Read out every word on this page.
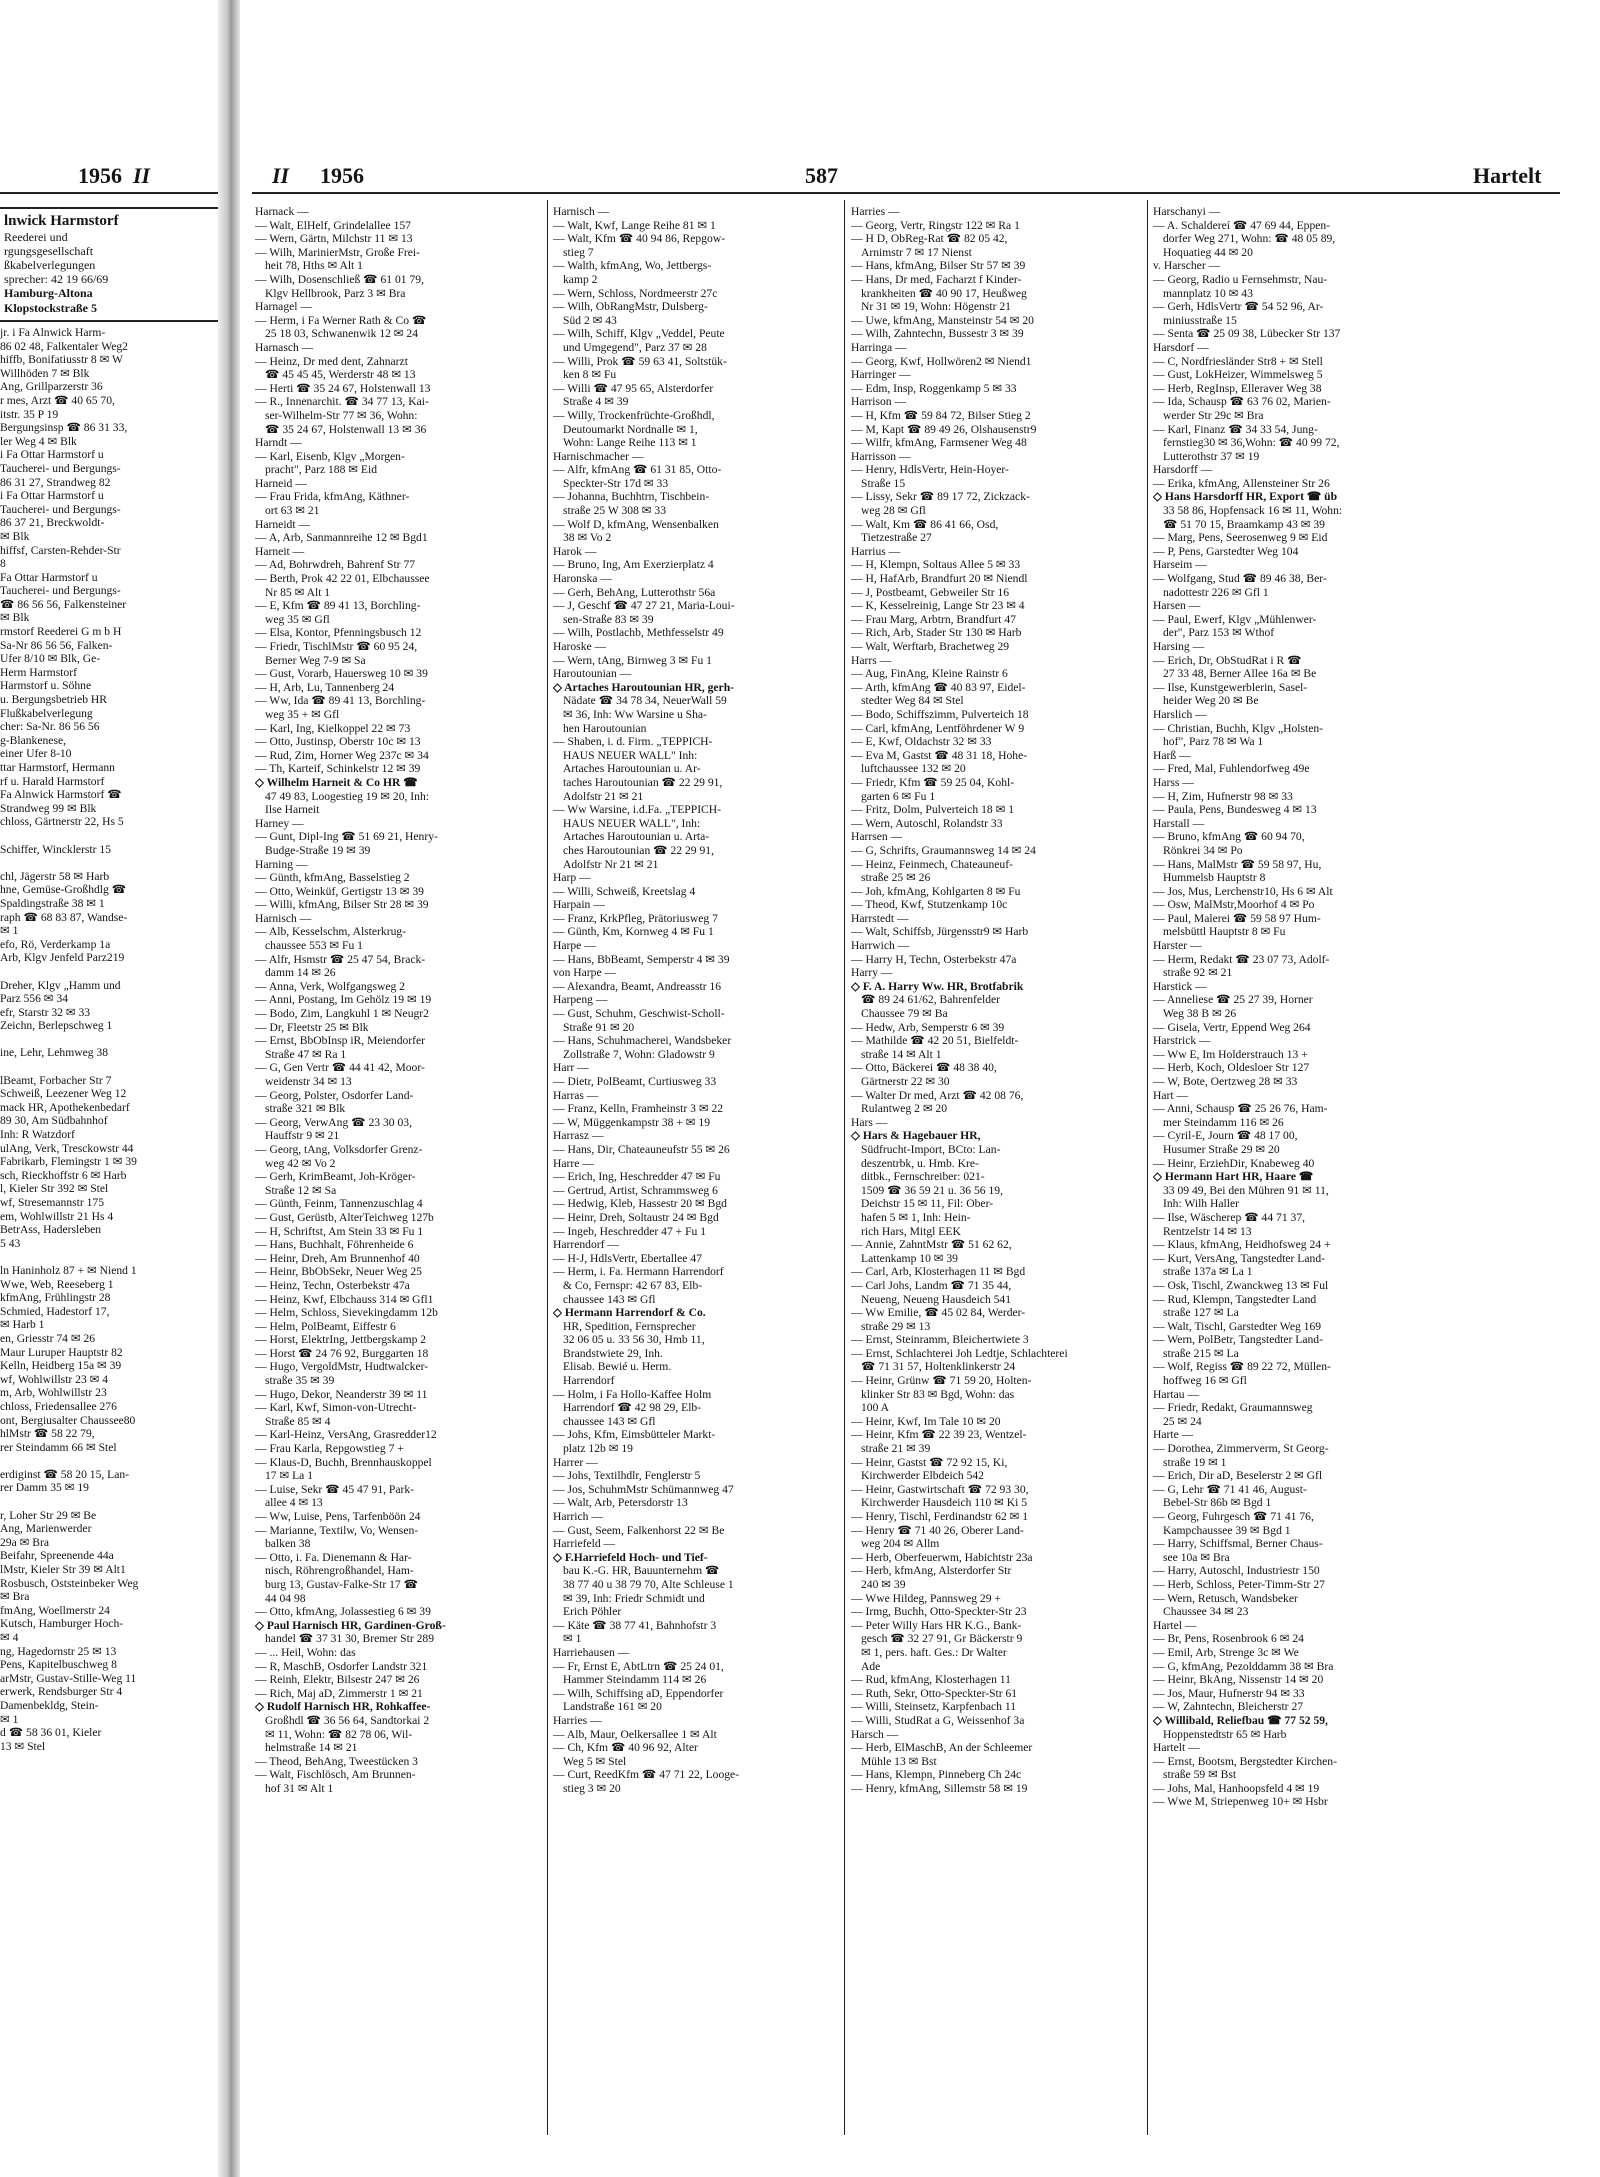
1956 II
lnwick Harmstorf
Reederei und
rgungsgesellschaft
ßkabelverlegungen
sprecher: 42 19 66/69
Hamburg-Altona
Klopstockstraße 5
jr. i Fa Alnwick Harm-
86 02 48, Falkentaler Weg2
hiffb, Bonifatiusstr 8 ✉ W
Willhöden 7 ✉ Blk
Ang, Grillparzerstr 36
r mes, Arzt ☎ 40 65 70,
itstr. 35 P 19
Bergungsinsp ☎ 86 31 33,
ler Weg 4 ✉ Blk
i Fa Ottar Harmstorf u
Taucherei- und Bergungs-
86 31 27, Strandweg 82
i Fa Ottar Harmstorf u
Taucherei- und Bergungs-
86 37 21, Breckwoldt-
✉ Blk
hiffsf, Carsten-Rehder-Str
8
Fa Ottar Harmstorf u
Taucherei- und Bergungs-
☎ 86 56 56, Falkensteiner
✉ Blk
rmstorf Reederei G m b H
Sa-Nr 86 56 56, Falken-
Ufer 8/10 ✉ Blk, Ge-
Herm Harmstorf
Harmstorf u. Söhne
u. Bergungsbetrieb HR
Flußkabelverlegung
cher: Sa-Nr. 86 56 56
g-Blankenese,
einer Ufer 8-10
ttar Harmstorf, Hermann
rf u. Harald Harmstorf
Fa Alnwick Harmstorf ☎
Strandweg 99 ✉ Blk
chloss, Gärtnerstr 22, Hs 5

Schiffer, Wincklerstr 15

chl, Jägerstr 58 ✉ Harb
hne, Gemüse-Großhdlg ☎
Spaldingstraße 38 ✉ 1
raph ☎ 68 83 87, Wandse-
✉ 1
efo, Rö, Verderkamp 1a
Arb, Klgv Jenfeld Parz219

Dreher, Klgv „Hamm und
Parz 556 ✉ 34
efr, Starstr 32 ✉ 33
Zeichn, Berlepschweg 1

ine, Lehr, Lehmweg 38

lBeamt, Forbacher Str 7
Schweiß, Leezener Weg 12
mack HR, Apothekenbedarf
89 30, Am Südbahnhof
Inh: R Watzdorf
ulAng, Verk, Tresckowstr 44
Fabrikarb, Flemingstr 1 ✉ 39
sch, Rieckhoffstr 6 ✉ Harb
l, Kieler Str 392 ✉ Stel
wf, Stresemannstr 175
em, Wohlwillstr 21 Hs 4
BetrAss, Hadersleben
5 43

ln Haninholz 87 + ✉ Niend 1
Wwe, Web, Reeseberg 1
kfmAng, Frühlingstr 28
Schmied, Hadestorf 17,
✉ Harb 1
en, Griesstr 74 ✉ 26
Maur Luruper Hauptstr 82
Kelln, Heidberg 15a ✉ 39
wf, Wohlwillstr 23 ✉ 4
m, Arb, Wohlwillstr 23
chloss, Friedensallee 276
ont, Bergiusalter Chaussee80
hlMstr ☎ 58 22 79,
rer Steindamm 66 ✉ Stel

erdiginst ☎ 58 20 15, Lan-
rer Damm 35 ✉ 19

r, Loher Str 29 ✉ Be
Ang, Marienwerder
29a ✉ Bra
Beifahr, Spreenende 44a
lMstr, Kieler Str 39 ✉ Alt1
Rosbusch, Oststeinbeker Weg
✉ Bra
fmAng, Woellmerstr 24
Kutsch, Hamburger Hoch-
✉ 4
ng, Hagedornstr 25 ✉ 13
Pens, Kapitelbuschweg 8
arMstr, Gustav-Stille-Weg 11
erwerk, Rendsburger Str 4
Damenbekldg, Stein-
✉ 1
d ☎ 58 36 01, Kieler
13 ✉ Stel
II 1956	587	Hartelt
Harnack —
— Walt, ElHelf, Grindelallee 157
— Wern, Gärtn, Milchstr 11 ✉ 13
— Wilh, MarinierMstr, Große Frei-
heit 78, Hths ✉ Alt 1
— Wilh, Dosenschließ ☎ 61 01 79,
Klgv Hellbrook, Parz 3 ✉ Bra
Harnagel —
— Herm, i Fa Werner Rath & Co ☎
25 18 03, Schwanenwik 12 ✉ 24
Harnasch —
— Heinz, Dr med dent, Zahnarzt
☎ 45 45 45, Werderstr 48 ✉ 13
— Herti ☎ 35 24 67, Holstenwall 13
— R., Innenarchit. ☎ 34 77 13, Kai-
ser-Wilhelm-Str 77 ✉ 36, Wohn:
☎ 35 24 67, Holstenwall 13 ✉ 36
Harndt —
— Karl, Eisenb, Klgv „Morgen-
pracht", Parz 188 ✉ Eid
Harneid —
— Frau Frida, kfmAng, Käthner-
ort 63 ✉ 21
Harneidt —
— A, Arb, Sanmannreihe 12 ✉ Bgd1
Harneit —
— Ad, Bohrwdreh, Bahrenf Str 77
— Berth, Prok 42 22 01, Elbchaussee
Nr 85 ✉ Alt 1
— E, Kfm ☎ 89 41 13, Borchling-
weg 35 ✉ Gfl
— Elsa, Kontor, Pfenningsbusch 12
— Friedr, TischlMstr ☎ 60 95 24,
Berner Weg 7-9 ✉ Sa
— Gust, Vorarb, Hauersweg 10 ✉ 39
— H, Arb, Lu, Tannenberg 24
— Ww, Ida ☎ 89 41 13, Borchling-
weg 35 + ✉ Gfl
— Karl, Ing, Kielkoppel 22 ✉ 73
— Otto, Justinsp, Oberstr 10c ✉ 13
— Rud, Zim, Horner Weg 237c ✉ 34
— Th, Karteif, Schinkelstr 12 ✉ 39
◇ Wilhelm Harneit & Co HR ☎
47 49 83, Loogestieg 19 ✉ 20, Inh:
Ilse Harneit
Harney —
— Gunt, Dipl-Ing ☎ 51 69 21, Henry-
Budge-Straße 19 ✉ 39
Harning —
— Günth, kfmAng, Basselstieg 2
— Otto, Weinküf, Gertigstr 13 ✉ 39
— Willi, kfmAng, Bilser Str 28 ✉ 39
Harnisch —
— Alb, Kesselschm, Alsterkrug-
chaussee 553 ✉ Fu 1
— Alfr, Hsmstr ☎ 25 47 54, Brack-
damm 14 ✉ 26
— Anna, Verk, Wolfgangsweg 2
— Anni, Postang, Im Gehölz 19 ✉ 19
— Bodo, Zim, Langkuhl 1 ✉ Neugr2
— Dr, Fleetstr 25 ✉ Blk
— Ernst, BbObInsp iR, Meiendorfer
Straße 47 ✉ Ra 1
— G, Gen Vertr ☎ 44 41 42, Moor-
weidenstr 34 ✉ 13
— Georg, Polster, Osdorfer Land-
straße 321 ✉ Blk
— Georg, VerwAng ☎ 23 30 03,
Hauffstr 9 ✉ 21
— Georg, tAng, Volksdorfer Grenz-
weg 42 ✉ Vo 2
— Gerh, KrimBeamt, Joh-Kröger-
Straße 12 ✉ Sa
— Günth, Feinm, Tannenzuschlag 4
— Gust, Gerüstb, AlterTeichweg 127b
— H, Schriftst, Am Stein 33 ✉ Fu 1
— Hans, Buchhalt, Föhrenheide 6
— Heinr, Dreh, Am Brunnenhof 40
— Heinr, BbObSekr, Neuer Weg 25
— Heinz, Techn, Osterbekstr 47a
— Heinz, Kwf, Elbchauss 314 ✉ Gfl1
— Helm, Schloss, Sievekingdamm 12b
— Helm, PolBeamt, Eiffestr 6
— Horst, ElektrIng, Jettbergskamp 2
— Horst ☎ 24 76 92, Burggarten 18
— Hugo, VergoldMstr, Hudtwalcker-
straße 35 ✉ 39
— Hugo, Dekor, Neanderstr 39 ✉ 11
— Karl, Kwf, Simon-von-Utrecht-
Straße 85 ✉ 4
— Karl-Heinz, VersAng, Grasredder12
— Frau Karla, Repgowstieg 7 +
— Klaus-D, Buchh, Brennhauskoppel
17 ✉ La 1
— Luise, Sekr ☎ 45 47 91, Park-
allee 4 ✉ 13
— Ww, Luise, Pens, Tarfenböön 24
— Marianne, Textilw, Vo, Wensen-
balken 38
— Otto, i. Fa. Dienemann & Har-
nisch, Röhrengroßhandel, Ham-
burg 13, Gustav-Falke-Str 17 ☎
44 04 98
— Otto, kfmAng, Jolassestieg 6 ✉ 39
◇ Paul Harnisch HR, Gardinen-Groß-
handel ☎ 37 31 30, Bremer Str 289
— ... Heil, Wohn: das
— R, MaschB, Osdorfer Landstr 321
— Reinh, Elektr, Bilsestr 247 ✉ 26
— Rich, Maj aD, Zimmerstr 1 ✉ 21
◇ Rudolf Harnisch HR, Rohkaffee-
Großhdl ☎ 36 56 64, Sandtorkai 2
✉ 11, Wohn: ☎ 82 78 06, Wil-
helmstraße 14 ✉ 21
— Theod, BehAng, Tweestücken 3
— Walt, Fischlösch, Am Brunnen-
hof 31 ✉ Alt 1
Harnisch —
— Walt, Kwf, Lange Reihe 81 ✉ 1
— Walt, Kfm ☎ 40 94 86, Repgow-
stieg 7
— Walth, kfmAng, Wo, Jettbergs-
kamp 2
— Wern, Schloss, Nordmeerstr 27c
— Wilh, ObRangMstr, Dulsberg-
Süd 2 ✉ 43
— Wilh, Schiff, Klgv „Veddel, Peute
und Umgegend", Parz 37 ✉ 28
— Willi, Prok ☎ 59 63 41, Soltstük-
ken 8 ✉ Fu
— Willi ☎ 47 95 65, Alsterdorfer
Straße 4 ✉ 39
— Willy, Trockenfrüchte-Großhdl,
Deutoumarkt Nordnalle ✉ 1,
Wohn: Lange Reihe 113 ✉ 1
Harnischmacher —
— Alfr, kfmAng ☎ 61 31 85, Otto-
Speckter-Str 17d ✉ 33
— Johanna, Buchhtrn, Tischbein-
straße 25 W 308 ✉ 33
— Wolf D, kfmAng, Wensenbalken
38 ✉ Vo 2
Harok —
— Bruno, Ing, Am Exerzierplatz 4
Haronska —
— Gerh, BehAng, Lutterothstr 56a
— J, Geschf ☎ 47 27 21, Maria-Loui-
sen-Straße 83 ✉ 39
— Wilh, Postlachb, Methfesselstr 49
Haroske —
— Wern, tAng, Birnweg 3 ✉ Fu 1
Haroutounian —
◇ Artaches Haroutounian HR, gerh-
Nädate ☎ 34 78 34, NeuerWall 59
✉ 36, Inh: Ww Warsine u Sha-
hen Haroutounian
— Shaben, i. d. Firm. „TEPPICH-
HAUS NEUER WALL" Inh:
Artaches Haroutounian u. Ar-
taches Haroutounian ☎ 22 29 91,
Adolfstr 21 ✉ 21
— Ww Warsine, i.d.Fa. „TEPPICH-
HAUS NEUER WALL", Inh:
Artaches Haroutounian u. Arta-
ches Haroutounian ☎ 22 29 91,
Adolfstr Nr 21 ✉ 21
Harp —
— Willi, Schweiß, Kreetslag 4
Harpain —
— Franz, KrkPfleg, Prätoriusweg 7
— Günth, Km, Kornweg 4 ✉ Fu 1
Harpe —
— Hans, BbBeamt, Semperstr 4 ✉ 39
von Harpe —
— Alexandra, Beamt, Andreasstr 16
Harpeng —
— Gust, Schuhm, Geschwist-Scholl-
Straße 91 ✉ 20
— Hans, Schuhmacherei, Wandsbeker
Zollstraße 7, Wohn: Gladowstr 9
Harr —
— Dietr, PolBeamt, Curtiusweg 33
Harras —
— Franz, Kelln, Framheinstr 3 ✉ 22
— W, Müggenkampstr 38 + ✉ 19
Harrasz —
— Hans, Dir, Chateauneufstr 55 ✉ 26
Harre —
— Erich, Ing, Heschredder 47 ✉ Fu
— Gertrud, Artist, Schrammsweg 6
— Hedwig, Kleb, Hassestr 20 ✉ Bgd
— Heinr, Dreh, Soltaustr 24 ✉ Bgd
— Ingeb, Heschredder 47 + Fu 1
Harrendorf —
— H-J, HdlsVertr, Ebertallee 47
— Herm, i. Fa. Hermann Harrendorf
& Co, Fernspr: 42 67 83, Elb-
chaussee 143 ✉ Gfl
◇ Hermann Harrendorf & Co.
HR, Spedition, Fernsprecher
32 06 05 u. 33 56 30, Hmb 11,
Brandstwiete 29, Inh.
Elisab. Bewié u. Herm.
Harrendorf
— Holm, i Fa Hollo-Kaffee Holm
Harrendorf ☎ 42 98 29, Elb-
chaussee 143 ✉ Gfl
— Johs, Kfm, Eimsbütteler Markt-
platz 12b ✉ 19
Harrer —
— Johs, Textilhdlr, Fenglerstr 5
— Jos, SchuhmMstr Schümannweg 47
— Walt, Arb, Petersdorstr 13
Harrich —
— Gust, Seem, Falkenhorst 22 ✉ Be
Harriefeld —
◇ F.Harriefeld Hoch- und Tief-
bau K.-G. HR, Bauunternehm ☎
38 77 40 u 38 79 70, Alte Schleuse 1
✉ 39, Inh: Friedr Schmidt und
Erich Pöhler
— Käte ☎ 38 77 41, Bahnhofstr 3
✉ 1
Harriehausen —
— Fr, Ernst E, AbtLtrn ☎ 25 24 01,
Hammer Steindamm 114 ✉ 26
— Wilh, Schiffsing aD, Eppendorfer
Landstraße 161 ✉ 20
Harries —
— Alb, Maur, Oelkersallee 1 ✉ Alt
— Ch, Kfm ☎ 40 96 92, Alter
Weg 5 ✉ Stel
— Curt, ReedKfm ☎ 47 71 22, Looge-
stieg 3 ✉ 20
Harries —
— Georg, Vertr, Ringstr 122 ✉ Ra 1
— H D, ObReg-Rat ☎ 82 05 42,
Arnimstr 7 ✉ 17 Nienst
— Hans, kfmAng, Bilser Str 57 ✉ 39
— Hans, Dr med, Facharzt f Kinder-
krankheiten ☎ 40 90 17, Heußweg
Nr 31 ✉ 19, Wohn: Högenstr 21
— Uwe, kfmAng, Mansteinstr 54 ✉ 20
— Wilh, Zahntechn, Bussestr 3 ✉ 39
Harringa —
— Georg, Kwf, Hollwören2 ✉ Niend1
Harringer —
— Edm, Insp, Roggenkamp 5 ✉ 33
Harrison —
— H, Kfm ☎ 59 84 72, Bilser Stieg 2
— M, Kapt ☎ 89 49 26, Olshausenstr9
— Wilfr, kfmAng, Farmsener Weg 48
Harrisson —
— Henry, HdlsVertr, Hein-Hoyer-
Straße 15
— Lissy, Sekr ☎ 89 17 72, Zickzack-
weg 28 ✉ Gfl
— Walt, Km ☎ 86 41 66, Osd,
Tietzestraße 27
Harrius —
— H, Klempn, Soltaus Allee 5 ✉ 33
— H, HafArb, Brandfurt 20 ✉ Niendl
— J, Postbeamt, Gebweiler Str 16
— K, Kesselreinig, Lange Str 23 ✉ 4
— Frau Marg, Arbtrn, Brandfurt 47
— Rich, Arb, Stader Str 130 ✉ Harb
— Walt, Werftarb, Brachetweg 29
Harrs —
— Aug, FinAng, Kleine Rainstr 6
— Arth, kfmAng ☎ 40 83 97, Eidel-
stedter Weg 84 ✉ Stel
— Bodo, Schiffszimm, Pulverteich 18
— Carl, kfmAng, Lentföhrdener W 9
— E, Kwf, Oldachstr 32 ✉ 33
— Eva M, Gastst ☎ 48 31 18, Hohe-
luftchaussee 132 ✉ 20
— Friedr, Kfm ☎ 59 25 04, Kohl-
garten 6 ✉ Fu 1
— Fritz, Dolm, Pulverteich 18 ✉ 1
— Wern, Autoschl, Rolandstr 33
Harrsen —
— G, Schrifts, Graumannsweg 14 ✉ 24
— Heinz, Feinmech, Chateauneuf-
straße 25 ✉ 26
— Joh, kfmAng, Kohlgarten 8 ✉ Fu
— Theod, Kwf, Stutzenkamp 10c
Harrstedt —
— Walt, Schiffsb, Jürgensstr9 ✉ Harb
Harrwich —
— Harry H, Techn, Osterbekstr 47a
Harry —
◇ F. A. Harry Ww. HR, Brotfabrik
☎ 89 24 61/62, Bahrenfelder
Chaussee 79 ✉ Ba
— Hedw, Arb, Semperstr 6 ✉ 39
— Mathilde ☎ 42 20 51, Bielfeldt-
straße 14 ✉ Alt 1
— Otto, Bäckerei ☎ 48 38 40,
Gärtnerstr 22 ✉ 30
— Walter Dr med, Arzt ☎ 42 08 76,
Rulantweg 2 ✉ 20
Hars —
◇ Hars & Hagebauer HR,
Südfrucht-Import, BCto: Lan-
deszentrbk, u. Hmb. Kre-
ditbk., Fernschreiber: 021-
1509 ☎ 36 59 21 u. 36 56 19,
Deichstr 15 ✉ 11, Fil: Ober-
hafen 5 ✉ 1, Inh: Hein-
rich Hars, Mitgl EEK
— Annie, ZahntMstr ☎ 51 62 62,
Lattenkamp 10 ✉ 39
— Carl, Arb, Klosterhagen 11 ✉ Bgd
— Carl Johs, Landm ☎ 71 35 44,
Neueng, Neueng Hausdeich 541
— Ww Emilie, ☎ 45 02 84, Werder-
straße 29 ✉ 13
— Ernst, Steinramm, Bleichertwiete 3
— Ernst, Schlachterei Joh Ledtje, Schlachterei
☎ 71 31 57, Holtenklinkerstr 24
— Heinr, Grünw ☎ 71 59 20, Holten-
klinker Str 83 ✉ Bgd, Wohn: das
100 A
— Heinr, Kwf, Im Tale 10 ✉ 20
— Heinr, Kfm ☎ 22 39 23, Wentzel-
straße 21 ✉ 39
— Heinr, Gastst ☎ 72 92 15, Ki,
Kirchwerder Elbdeich 542
— Heinr, Gastwirtschaft ☎ 72 93 30,
Kirchwerder Hausdeich 110 ✉ Ki 5
— Henry, Tischl, Ferdinandstr 62 ✉ 1
— Henry ☎ 71 40 26, Oberer Land-
weg 204 ✉ Allm
— Herb, Oberfeuerwm, Habichtstr 23a
— Herb, kfmAng, Alsterdorfer Str
240 ✉ 39
— Wwe Hildeg, Pannsweg 29 +
— Irmg, Buchh, Otto-Speckter-Str 23
— Peter Willy Hars HR K.G., Bank-
gesch ☎ 32 27 91, Gr Bäckerstr 9
✉ 1, pers. haft. Ges.: Dr Walter
Ade
— Rud, kfmAng, Klosterhagen 11
— Ruth, Sekr, Otto-Speckter-Str 61
— Willi, Steinsetz, Karpfenbach 11
— Willi, StudRat a G, Weissenhof 3a
Harsch —
— Herb, ElMaschB, An der Schleemer
Mühle 13 ✉ Bst
— Hans, Klempn, Pinneberg Ch 24c
— Henry, kfmAng, Sillemstr 58 ✉ 19
Harschanyi —
— A. Schaldereí ☎ 47 69 44, Eppen-
dorfer Weg 271, Wohn: ☎ 48 05 89,
Hoquatieg 44 ✉ 20
v. Harscher —
— Georg, Radio u Fernsehmstr, Nau-
mannplatz 10 ✉ 43
— Gerh, HdlsVertr ☎ 54 52 96, Ar-
miniusstraße 15
— Senta ☎ 25 09 38, Lübecker Str 137
Harsdorf —
— C, Nordfriesländer Str8 + ✉ Stell
— Gust, LokHeizer, Wimmelsweg 5
— Herb, RegInsp, Elleraver Weg 38
— Ida, Schausp ☎ 63 76 02, Marien-
werder Str 29c ✉ Bra
— Karl, Finanz ☎ 34 33 54, Jung-
fernstieg30 ✉ 36,Wohn: ☎ 40 99 72,
Lutterothstr 37 ✉ 19
Harsdorff —
— Erika, kfmAng, Allensteiner Str 26
◇ Hans Harsdorff HR, Export ☎ üb
33 58 86, Hopfensack 16 ✉ 11, Wohn:
☎ 51 70 15, Braamkamp 43 ✉ 39
— Marg, Pens, Seerosenweg 9 ✉ Eid
— P, Pens, Garstedter Weg 104
Harseim —
— Wolfgang, Stud ☎ 89 46 38, Ber-
nadottestr 226 ✉ Gfl 1
Harsen —
— Paul, Ewerf, Klgv „Mühlenwer-
der", Parz 153 ✉ Wthof
Harsing —
— Erich, Dr, ObStudRat i R ☎
27 33 48, Berner Allee 16a ✉ Be
— Ilse, Kunstgewerblerin, Sasel-
heider Weg 20 ✉ Be
Harslich —
— Christian, Buchh, Klgv „Holsten-
hof", Parz 78 ✉ Wa 1
Harß —
— Fred, Mal, Fuhlendorfweg 49e
Harss —
— H, Zim, Hufnerstr 98 ✉ 33
— Paula, Pens, Bundesweg 4 ✉ 13
Harstall —
— Bruno, kfmAng ☎ 60 94 70,
Rönkrei 34 ✉ Po
— Hans, MalMstr ☎ 59 58 97, Hu,
Hummelsb Hauptstr 8
— Jos, Mus, Lerchenstr10, Hs 6 ✉ Alt
— Osw, MalMstr,Moorhof 4 ✉ Po
— Paul, Malerei ☎ 59 58 97 Hum-
melsbüttl Hauptstr 8 ✉ Fu
Harster —
— Herm, Redakt ☎ 23 07 73, Adolf-
straße 92 ✉ 21
Harstick —
— Anneliese ☎ 25 27 39, Horner
Weg 38 B ✉ 26
— Gisela, Vertr, Eppend Weg 264
Harstrick —
— Ww E, Im Holderstrauch 13 +
— Herb, Koch, Oldesloer Str 127
— W, Bote, Oertzweg 28 ✉ 33
Hart —
— Anni, Schausp ☎ 25 26 76, Ham-
mer Steindamm 116 ✉ 26
— Cyril-E, Journ ☎ 48 17 00,
Husumer Straße 29 ✉ 20
— Heinr, ErziehDir, Knabeweg 40
◇ Hermann Hart HR, Haare ☎
33 09 49, Bei den Mühren 91 ✉ 11,
Inh: Wilh Haller
— Ilse, Wäscherep ☎ 44 71 37,
Rentzelstr 14 ✉ 13
— Klaus, kfmAng, Heidhofsweg 24 +
— Kurt, VersAng, Tangstedter Land-
straße 137a ✉ La 1
— Osk, Tischl, Zwanckweg 13 ✉ Ful
— Rud, Klempn, Tangstedter Land
straße 127 ✉ La
— Walt, Tischl, Garstedter Weg 169
— Wern, PolBetr, Tangstedter Land-
straße 215 ✉ La
— Wolf, Regiss ☎ 89 22 72, Müllen-
hoffweg 16 ✉ Gfl
Hartau —
— Friedr, Redakt, Graumannsweg
25 ✉ 24
Harte —
— Dorothea, Zimmerverm, St Georg-
straße 19 ✉ 1
— Erich, Dir aD, Beselerstr 2 ✉ Gfl
— G, Lehr ☎ 71 41 46, August-
Bebel-Str 86b ✉ Bgd 1
— Georg, Fuhrgesch ☎ 71 41 76,
Kampchaussee 39 ✉ Bgd 1
— Harry, Schiffsmal, Berner Chaus-
see 10a ✉ Bra
— Harry, Autoschl, Industriestr 150
— Herb, Schloss, Peter-Timm-Str 27
— Wern, Retusch, Wandsbeker
Chaussee 34 ✉ 23
Hartel —
— Br, Pens, Rosenbrook 6 ✉ 24
— Emil, Arb, Strenge 3c ✉ We
— G, kfmAng, Pezolddamm 38 ✉ Bra
— Heinr, BkAng, Nissenstr 14 ✉ 20
— Jos, Maur, Hufnerstr 94 ✉ 33
— W, Zahntechn, Bleicherstr 27
◇ Willibald, Reliefbau ☎ 77 52 59,
Hoppenstedtstr 65 ✉ Harb
Hartelt —
— Ernst, Bootsm, Bergstedter Kirchen-
straße 59 ✉ Bst
— Johs, Mal, Hanhoopsfeld 4 ✉ 19
— Wwe M, Striepenweg 10+ ✉ Hsbr
